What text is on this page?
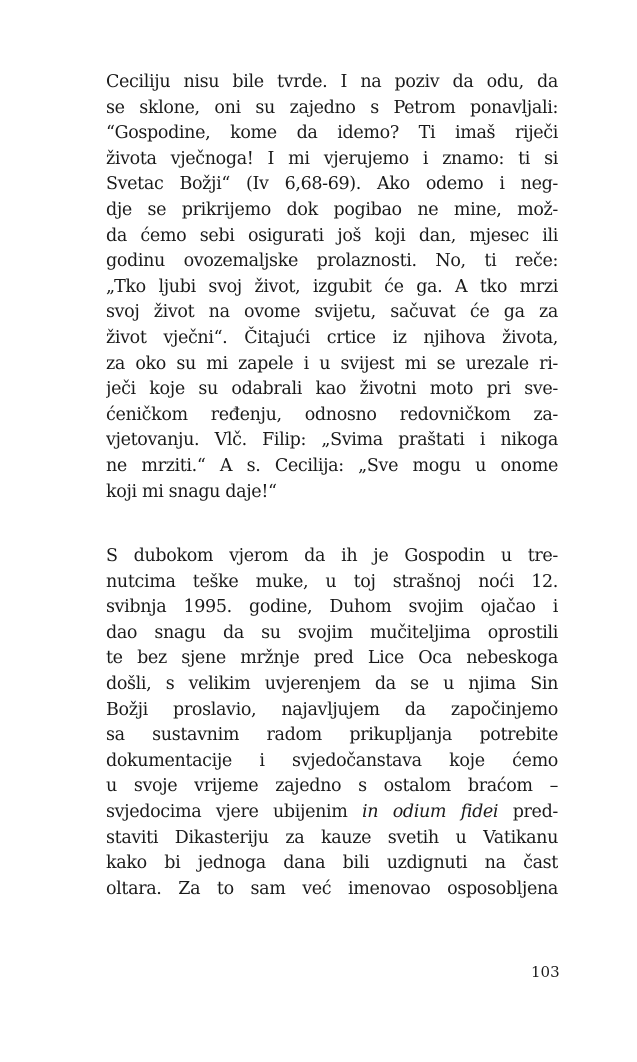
Ceciliju nisu bile tvrde. I na poziv da odu, da
se sklone, oni su zajedno s Petrom ponavljali:
“Gospodine, kome da idemo? Ti imaš riječi
života vječnoga! I mi vjerujemo i znamo: ti si
Svetac Božji“ (Iv 6,68-69). Ako odemo i neg-
dje se prikrijemo dok pogibao ne mine, mož-
da ćemo sebi osigurati još koji dan, mjesec ili
godinu ovozemaljske prolaznosti. No, ti reče:
„Tko ljubi svoj život, izgubit će ga. A tko mrzi
svoj život na ovome svijetu, sačuvat će ga za
život vječni“. Čitajući crtice iz njihova života,
za oko su mi zapele i u svijest mi se urezale ri-
ječi koje su odabrali kao životni moto pri sve-
ćeničkom ređenju, odnosno redovničkom za-
vjetovanju. Vlč. Filip: „Svima praštati i nikoga
ne mrziti.“ A s. Cecilija: „Sve mogu u onome
koji mi snagu daje!“
S dubokom vjerom da ih je Gospodin u tre-
nutcima teške muke, u toj strašnoj noći 12.
svibnja 1995. godine, Duhom svojim ojačao i
dao snagu da su svojim mučiteljima oprostili
te bez sjene mržnje pred Lice Oca nebeskoga
došli, s velikim uvjerenjem da se u njima Sin
Božji proslavio, najavljujem da započinjemo
sa sustavnim radom prikupljanja potrebite
dokumentacije i svjedočanstava koje ćemo
u svoje vrijeme zajedno s ostalom braćom –
svjedocima vjere ubijenim in odium fidei pred-
staviti Dikasteriju za kauze svetih u Vatikanu
kako bi jednoga dana bili uzdignuti na čast
oltara. Za to sam već imenovao osposobljena
103
